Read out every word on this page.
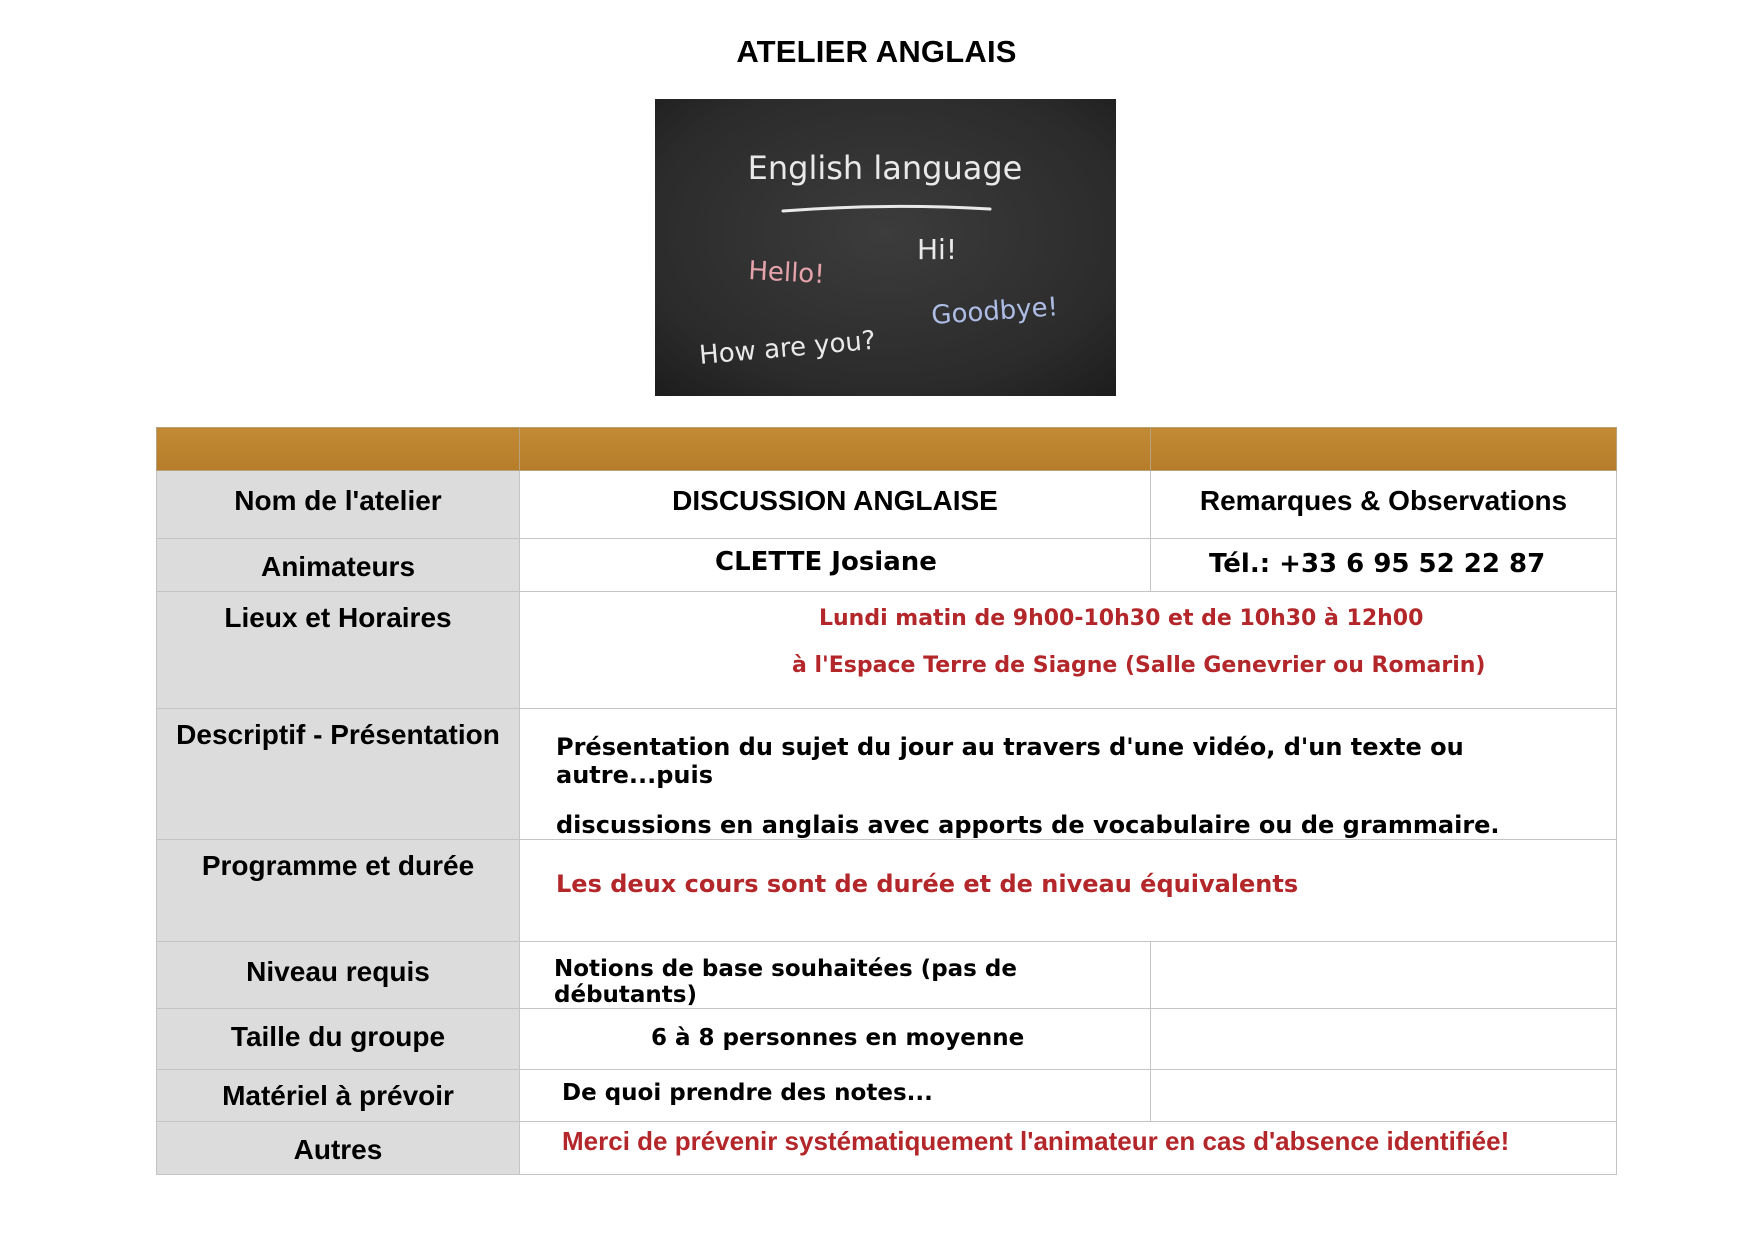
ATELIER ANGLAIS
English language
Hello!
Hi!
Goodbye!
How are you?

Nom de l'atelier	DISCUSSION ANGLAISE	Remarques & Observations

Animateurs	CLETTE Josiane	Tél.: +33 6 95 52 22 87

Lieux et Horaires	Lundi matin de 9h00-10h30 et de 10h30 à 12h00
à l'Espace Terre de Siagne (Salle Genevrier ou Romarin)	

Descriptif - Présentation	Présentation du sujet du jour au travers d'une vidéo, d'un texte ou autre...puis
discussions en anglais avec apports de vocabulaire ou de grammaire.	

Programme et durée	Les deux cours sont de durée et de niveau équivalents	

Niveau requis	Notions de base souhaitées (pas de débutants)	

Taille du groupe	6 à 8 personnes en moyenne	

Matériel à prévoir	De quoi prendre des notes...	

Autres	Merci de prévenir systématiquement l'animateur en cas d'absence identifiée!	
